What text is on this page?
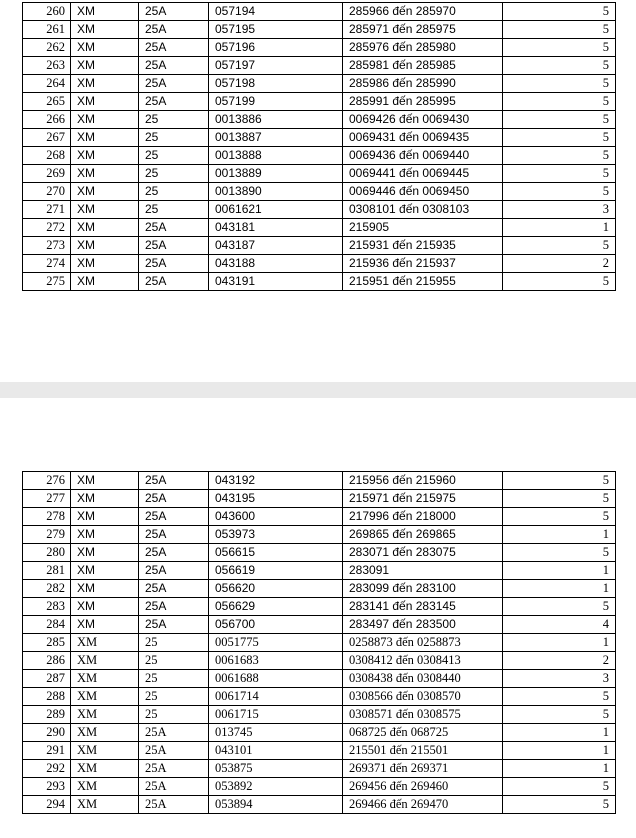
260	XM	25A	057194	285966 đến 285970	5
261	XM	25A	057195	285971 đến 285975	5
262	XM	25A	057196	285976 đến 285980	5
263	XM	25A	057197	285981 đến 285985	5
264	XM	25A	057198	285986 đến 285990	5
265	XM	25A	057199	285991 đến 285995	5
266	XM	25	0013886	0069426 đến 0069430	5
267	XM	25	0013887	0069431 đến 0069435	5
268	XM	25	0013888	0069436 đến 0069440	5
269	XM	25	0013889	0069441 đến 0069445	5
270	XM	25	0013890	0069446 đến 0069450	5
271	XM	25	0061621	0308101 đến 0308103	3
272	XM	25A	043181	215905	1
273	XM	25A	043187	215931 đến 215935	5
274	XM	25A	043188	215936 đến 215937	2
275	XM	25A	043191	215951 đến 215955	5
276	XM	25A	043192	215956 đến 215960	5
277	XM	25A	043195	215971 đến 215975	5
278	XM	25A	043600	217996 đến 218000	5
279	XM	25A	053973	269865 đến 269865	1
280	XM	25A	056615	283071 đến 283075	5
281	XM	25A	056619	283091	1
282	XM	25A	056620	283099 đến 283100	1
283	XM	25A	056629	283141 đến 283145	5
284	XM	25A	056700	283497 đến 283500	4
285	XM	25	0051775	0258873 đến 0258873	1
286	XM	25	0061683	0308412 đến 0308413	2
287	XM	25	0061688	0308438 đến 0308440	3
288	XM	25	0061714	0308566 đến 0308570	5
289	XM	25	0061715	0308571 đến 0308575	5
290	XM	25A	013745	068725 đến 068725	1
291	XM	25A	043101	215501 đến 215501	1
292	XM	25A	053875	269371 đến 269371	1
293	XM	25A	053892	269456 đến 269460	5
294	XM	25A	053894	269466 đến 269470	5
